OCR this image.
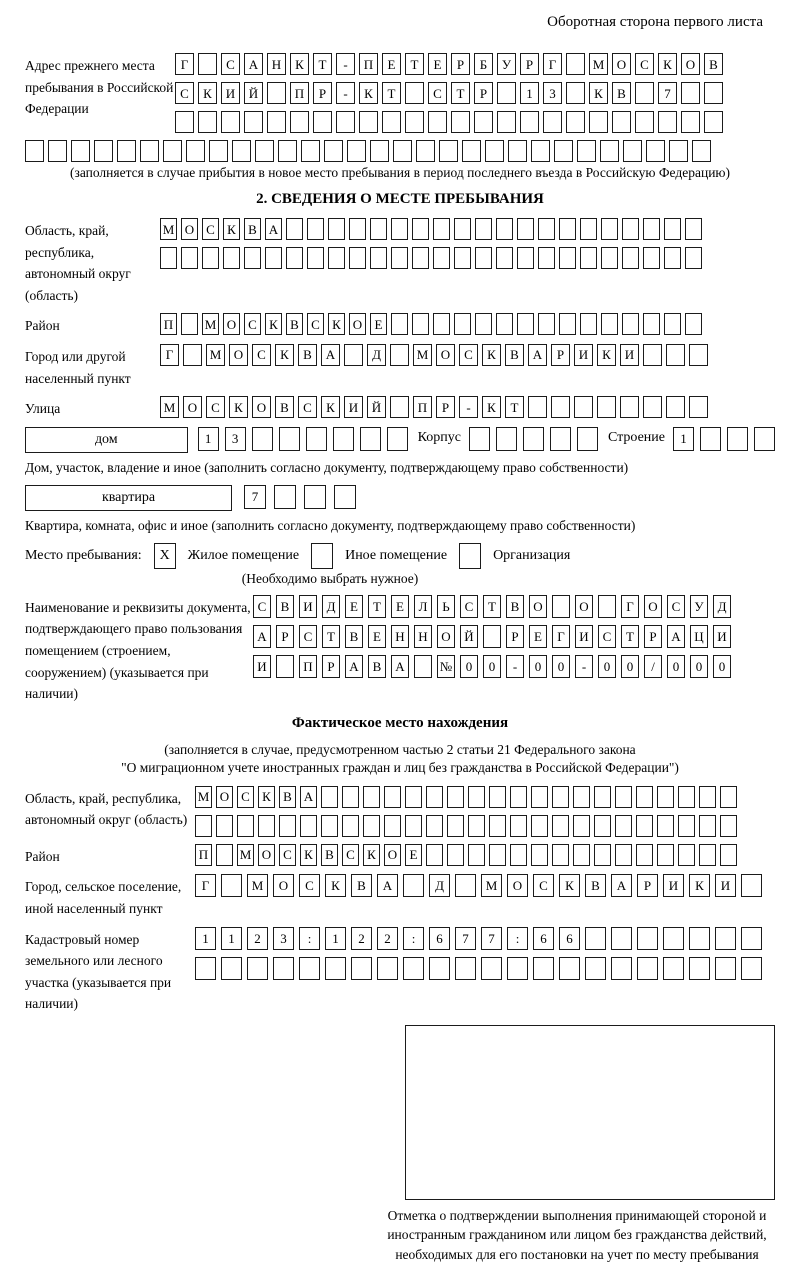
Оборотная сторона первого листа
Адрес прежнего места пребывания в Российской Федерации
Г	С	А	Н	К	Т	-	П	Е	Т	Е	Р	Б	У	Р	Г	М О	С	К	О	В
С	К	И	Й	П	Р	-	К	Т	С	Т	Р	1	3	К	В	7
(заполняется в случае прибытия в новое место пребывания в период последнего въезда в Российскую Федерацию)
2. СВЕДЕНИЯ О МЕСТЕ ПРЕБЫВАНИЯ
Область, край, республика, автономный округ (область)
М О С К В А
Район	П М О С К В С К О Е
Город или другой населенный пункт
Г	М О	С	К	В	А	Д	М О	С	К	В	А	Р	И	К	И
Улица	М О	С	К	О	В	С	К	И	Й	П	Р	-	К	Т
дом	1	3	Корпус	Строение	1
Дом, участок, владение и иное (заполнить согласно документу, подтверждающему право собственности)
квартира	7
Квартира, комната, офис и иное (заполнить согласно документу, подтверждающему право собственности)
Место пребывания:	X	Жилое помещение	Иное помещение	Организация
(Необходимо выбрать нужное)
Наименование и реквизиты документа, подтверждающего право пользования помещением (строением, сооружением) (указывается при наличии)
С	В	И	Д	Е	Т	Е	Л	Ь	С	Т	В	О	О	Г	О	С	У	Д
А	Р	С	Т	В	Е	Н	Н	О	Й	Р	Е	Г	И	С	Т	Р	А	Ц	И
И	П	Р	А	В	А	№	0	0	-	0	0	-	0	0	/	0	0	0
Фактическое место нахождения
(заполняется в случае, предусмотренном частью 2 статьи 21 Федерального закона
"О миграционном учете иностранных граждан и лиц без гражданства в Российской Федерации")
Область, край, республика, автономный округ (область)
М О С К В А
Район	П М О С К В С К О Е
Город, сельское поселение, иной населенный пункт
Г	М	О	С	К	В	А	Д	М	О	С	К	В	А	Р	И	К	И
Кадастровый номер земельного или лесного участка (указывается при наличии)
1	1	2	3	:	1	2	2	:	6	7	7	:	6	6
Отметка о подтверждении выполнения принимающей стороной и иностранным гражданином или лицом без гражданства действий, необходимых для его постановки на учет по месту пребывания
